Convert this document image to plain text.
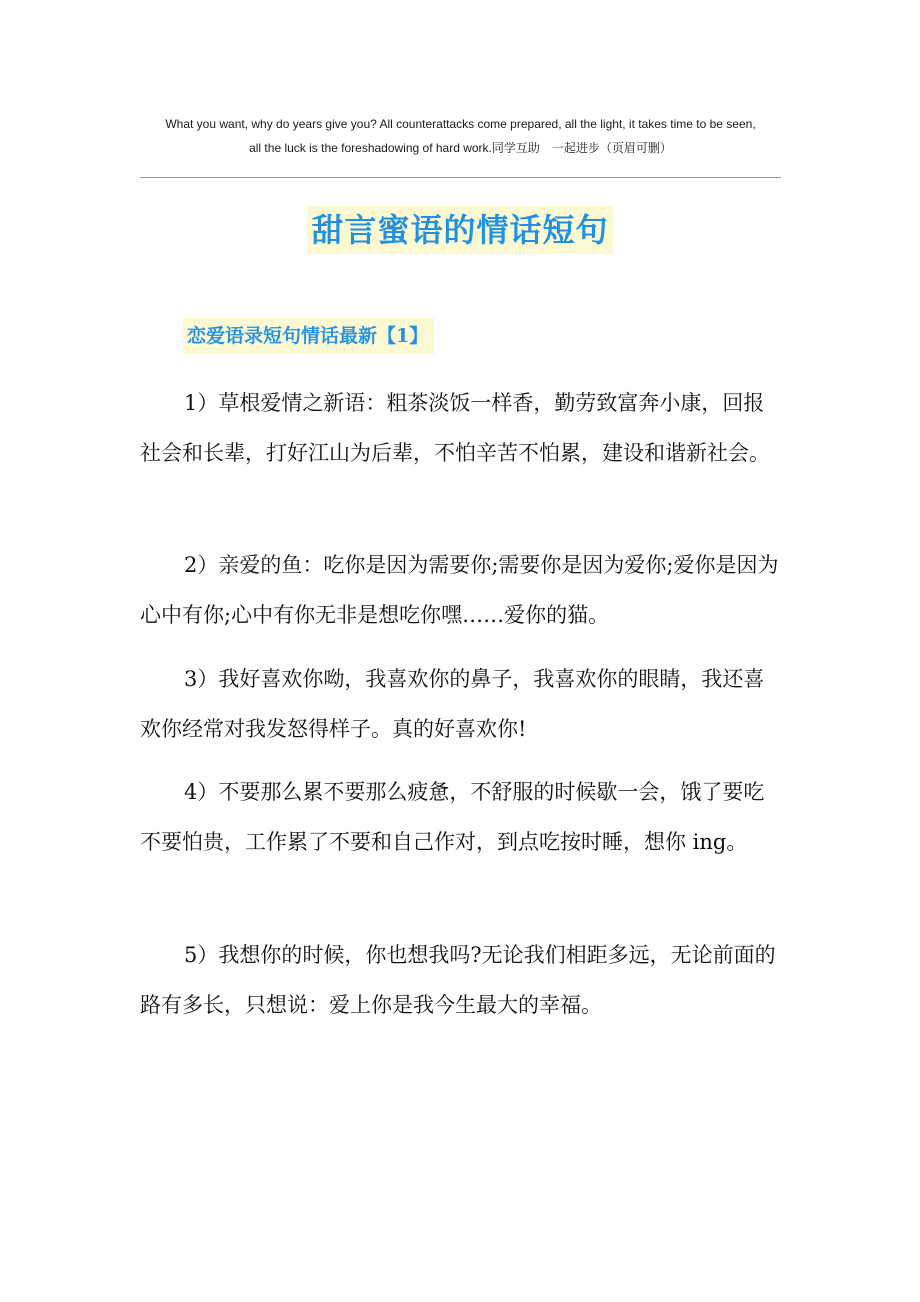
What you want, why do years give you? All counterattacks come prepared, all the light, it takes time to be seen,
all the luck is the foreshadowing of hard work.同学互助　一起进步（页眉可删）
甜言蜜语的情话短句
恋爱语录短句情话最新【1】

1）草根爱情之新语：粗茶淡饭一样香，勤劳致富奔小康，回报社会和长辈，打好江山为后辈，不怕辛苦不怕累，建设和谐新社会。

2）亲爱的鱼：吃你是因为需要你;需要你是因为爱你;爱你是因为心中有你;心中有你无非是想吃你嘿……爱你的猫。

3）我好喜欢你呦，我喜欢你的鼻子，我喜欢你的眼睛，我还喜欢你经常对我发怒得样子。真的好喜欢你!

4）不要那么累不要那么疲惫，不舒服的时候歇一会，饿了要吃不要怕贵，工作累了不要和自己作对，到点吃按时睡，想你 ing。

5）我想你的时候，你也想我吗?无论我们相距多远，无论前面的路有多长，只想说：爱上你是我今生最大的幸福。
